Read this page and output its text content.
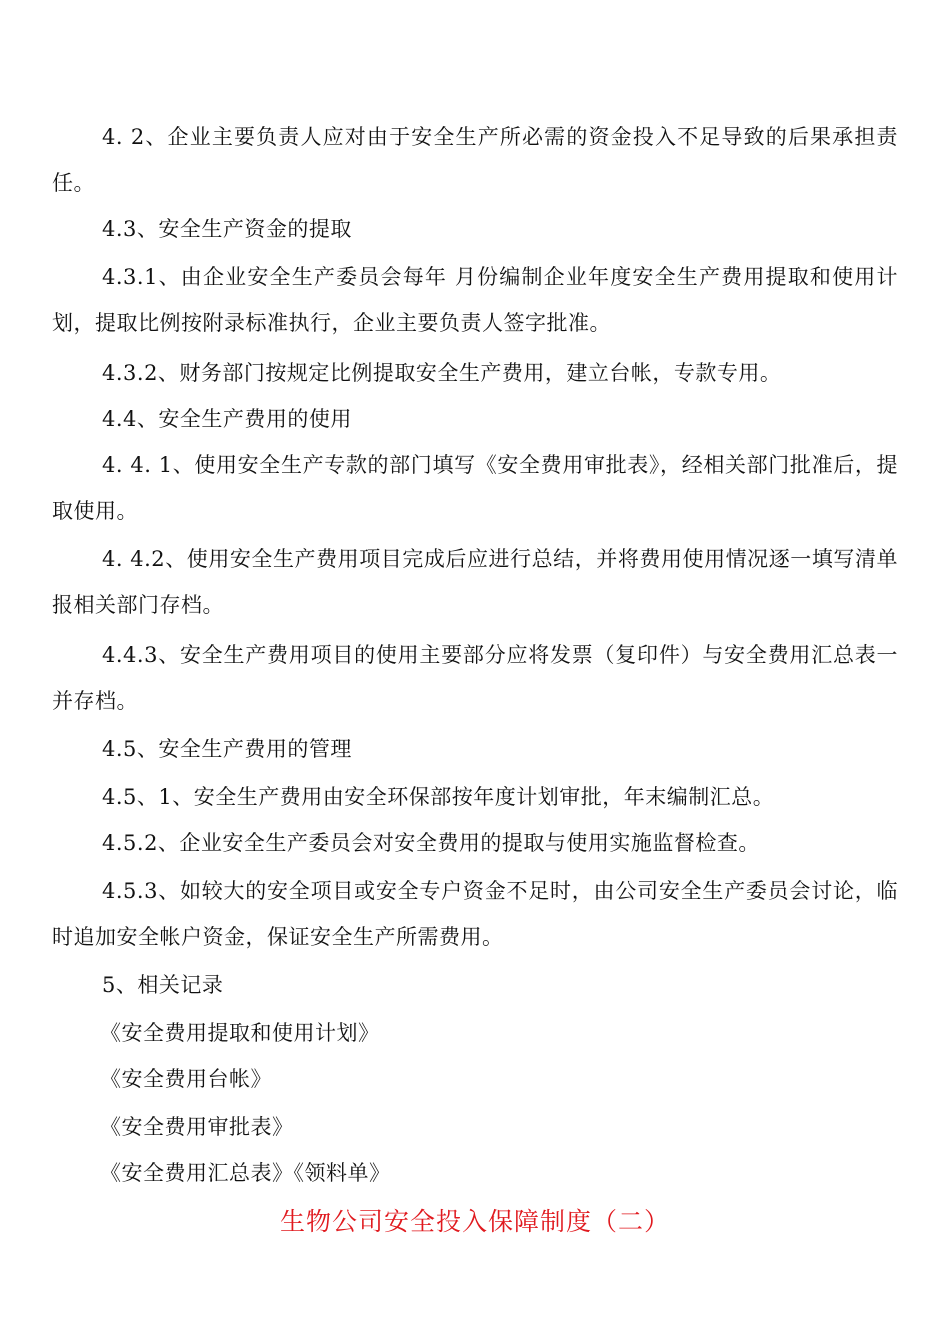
4. 2、企业主要负责人应对由于安全生产所必需的资金投入不足导致的后果承担责任。

4.3、安全生产资金的提取

4.3.1、由企业安全生产委员会每年 月份编制企业年度安全生产费用提取和使用计划，提取比例按附录标准执行，企业主要负责人签字批准。

4.3.2、财务部门按规定比例提取安全生产费用，建立台帐，专款专用。

4.4、安全生产费用的使用

4. 4. 1、使用安全生产专款的部门填写《安全费用审批表》，经相关部门批准后，提取使用。

4. 4.2、使用安全生产费用项目完成后应进行总结，并将费用使用情况逐一填写清单报相关部门存档。

4.4.3、安全生产费用项目的使用主要部分应将发票（复印件）与安全费用汇总表一并存档。

4.5、安全生产费用的管理

4.5、1、安全生产费用由安全环保部按年度计划审批，年末编制汇总。

4.5.2、企业安全生产委员会对安全费用的提取与使用实施监督检查。

4.5.3、如较大的安全项目或安全专户资金不足时，由公司安全生产委员会讨论，临时追加安全帐户资金，保证安全生产所需费用。

5、相关记录

《安全费用提取和使用计划》

《安全费用台帐》

《安全费用审批表》

《安全费用汇总表》《领料单》

生物公司安全投入保障制度（二）
